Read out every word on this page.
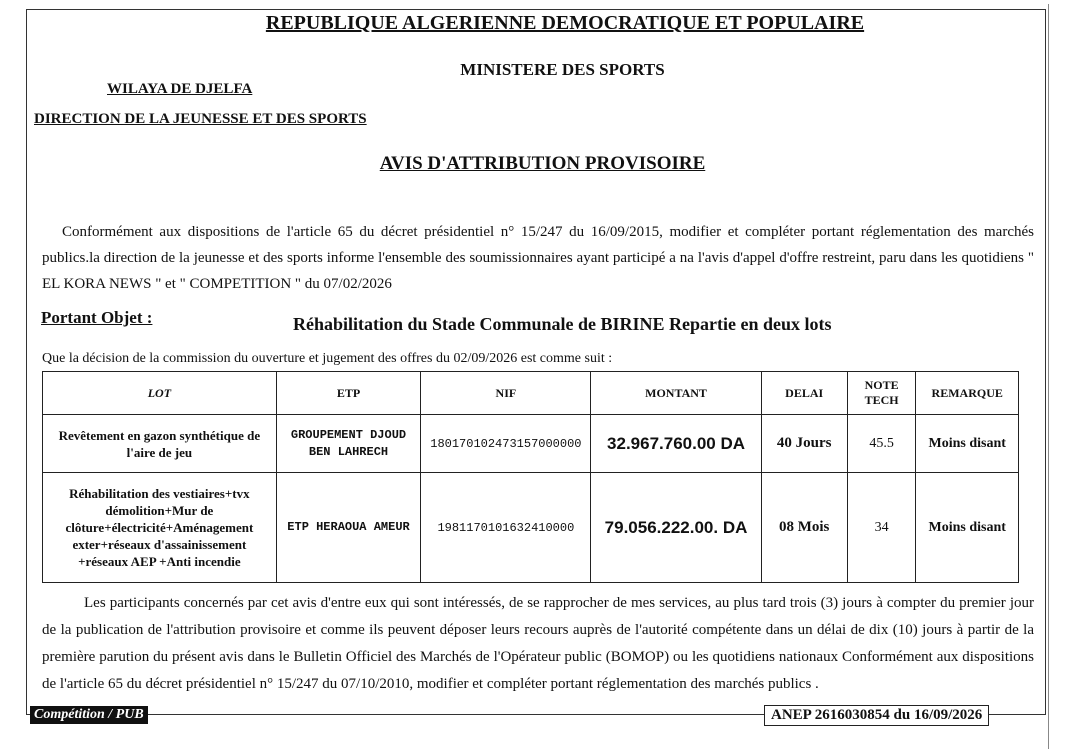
REPUBLIQUE ALGERIENNE DEMOCRATIQUE ET POPULAIRE
MINISTERE DES SPORTS
WILAYA DE DJELFA
DIRECTION DE LA JEUNESSE ET DES SPORTS
AVIS D'ATTRIBUTION PROVISOIRE
Conformément aux dispositions de l'article 65 du décret présidentiel n° 15/247 du 16/09/2015, modifier et compléter portant réglementation des marchés publics.la direction de la jeunesse et des sports informe l'ensemble des soumissionnaires ayant participé a na l'avis d'appel d'offre restreint, paru dans les quotidiens " EL KORA NEWS " et " COMPETITION " du 07/02/2026
Portant Objet :	Réhabilitation du Stade Communale de BIRINE Repartie en deux lots
Que la décision de la commission du ouverture et jugement des offres du 02/09/2026 est comme suit :
LOT	ETP	NIF	MONTANT	DELAI	NOTE TECH	REMARQUE
Revêtement en gazon synthétique de l'aire de jeu	GROUPEMENT DJOUD BEN LAHRECH	180170102473157000000	32.967.760.00 DA	40 Jours	45.5	Moins disant
Réhabilitation des vestiaires+tvx démolition+Mur de clôture+électricité+Aménagement exter+réseaux d'assainissement +réseaux AEP +Anti incendie	ETP HERAOUA AMEUR	1981170101632410000	79.056.222.00. DA	08 Mois	34	Moins disant
Les participants concernés par cet avis d'entre eux qui sont intéressés, de se rapprocher de mes services, au plus tard trois (3) jours à compter du premier jour de la publication de l'attribution provisoire et comme ils peuvent déposer leurs recours auprès de l'autorité compétente dans un délai de dix (10) jours à partir de la première parution du présent avis dans le Bulletin Officiel des Marchés de l'Opérateur public (BOMOP) ou les quotidiens nationaux Conformément aux dispositions de l'article 65 du décret présidentiel n° 15/247 du 07/10/2010, modifier et compléter portant réglementation des marchés publics .
Compétition / PUB	ANEP 2616030854 du 16/09/2026
